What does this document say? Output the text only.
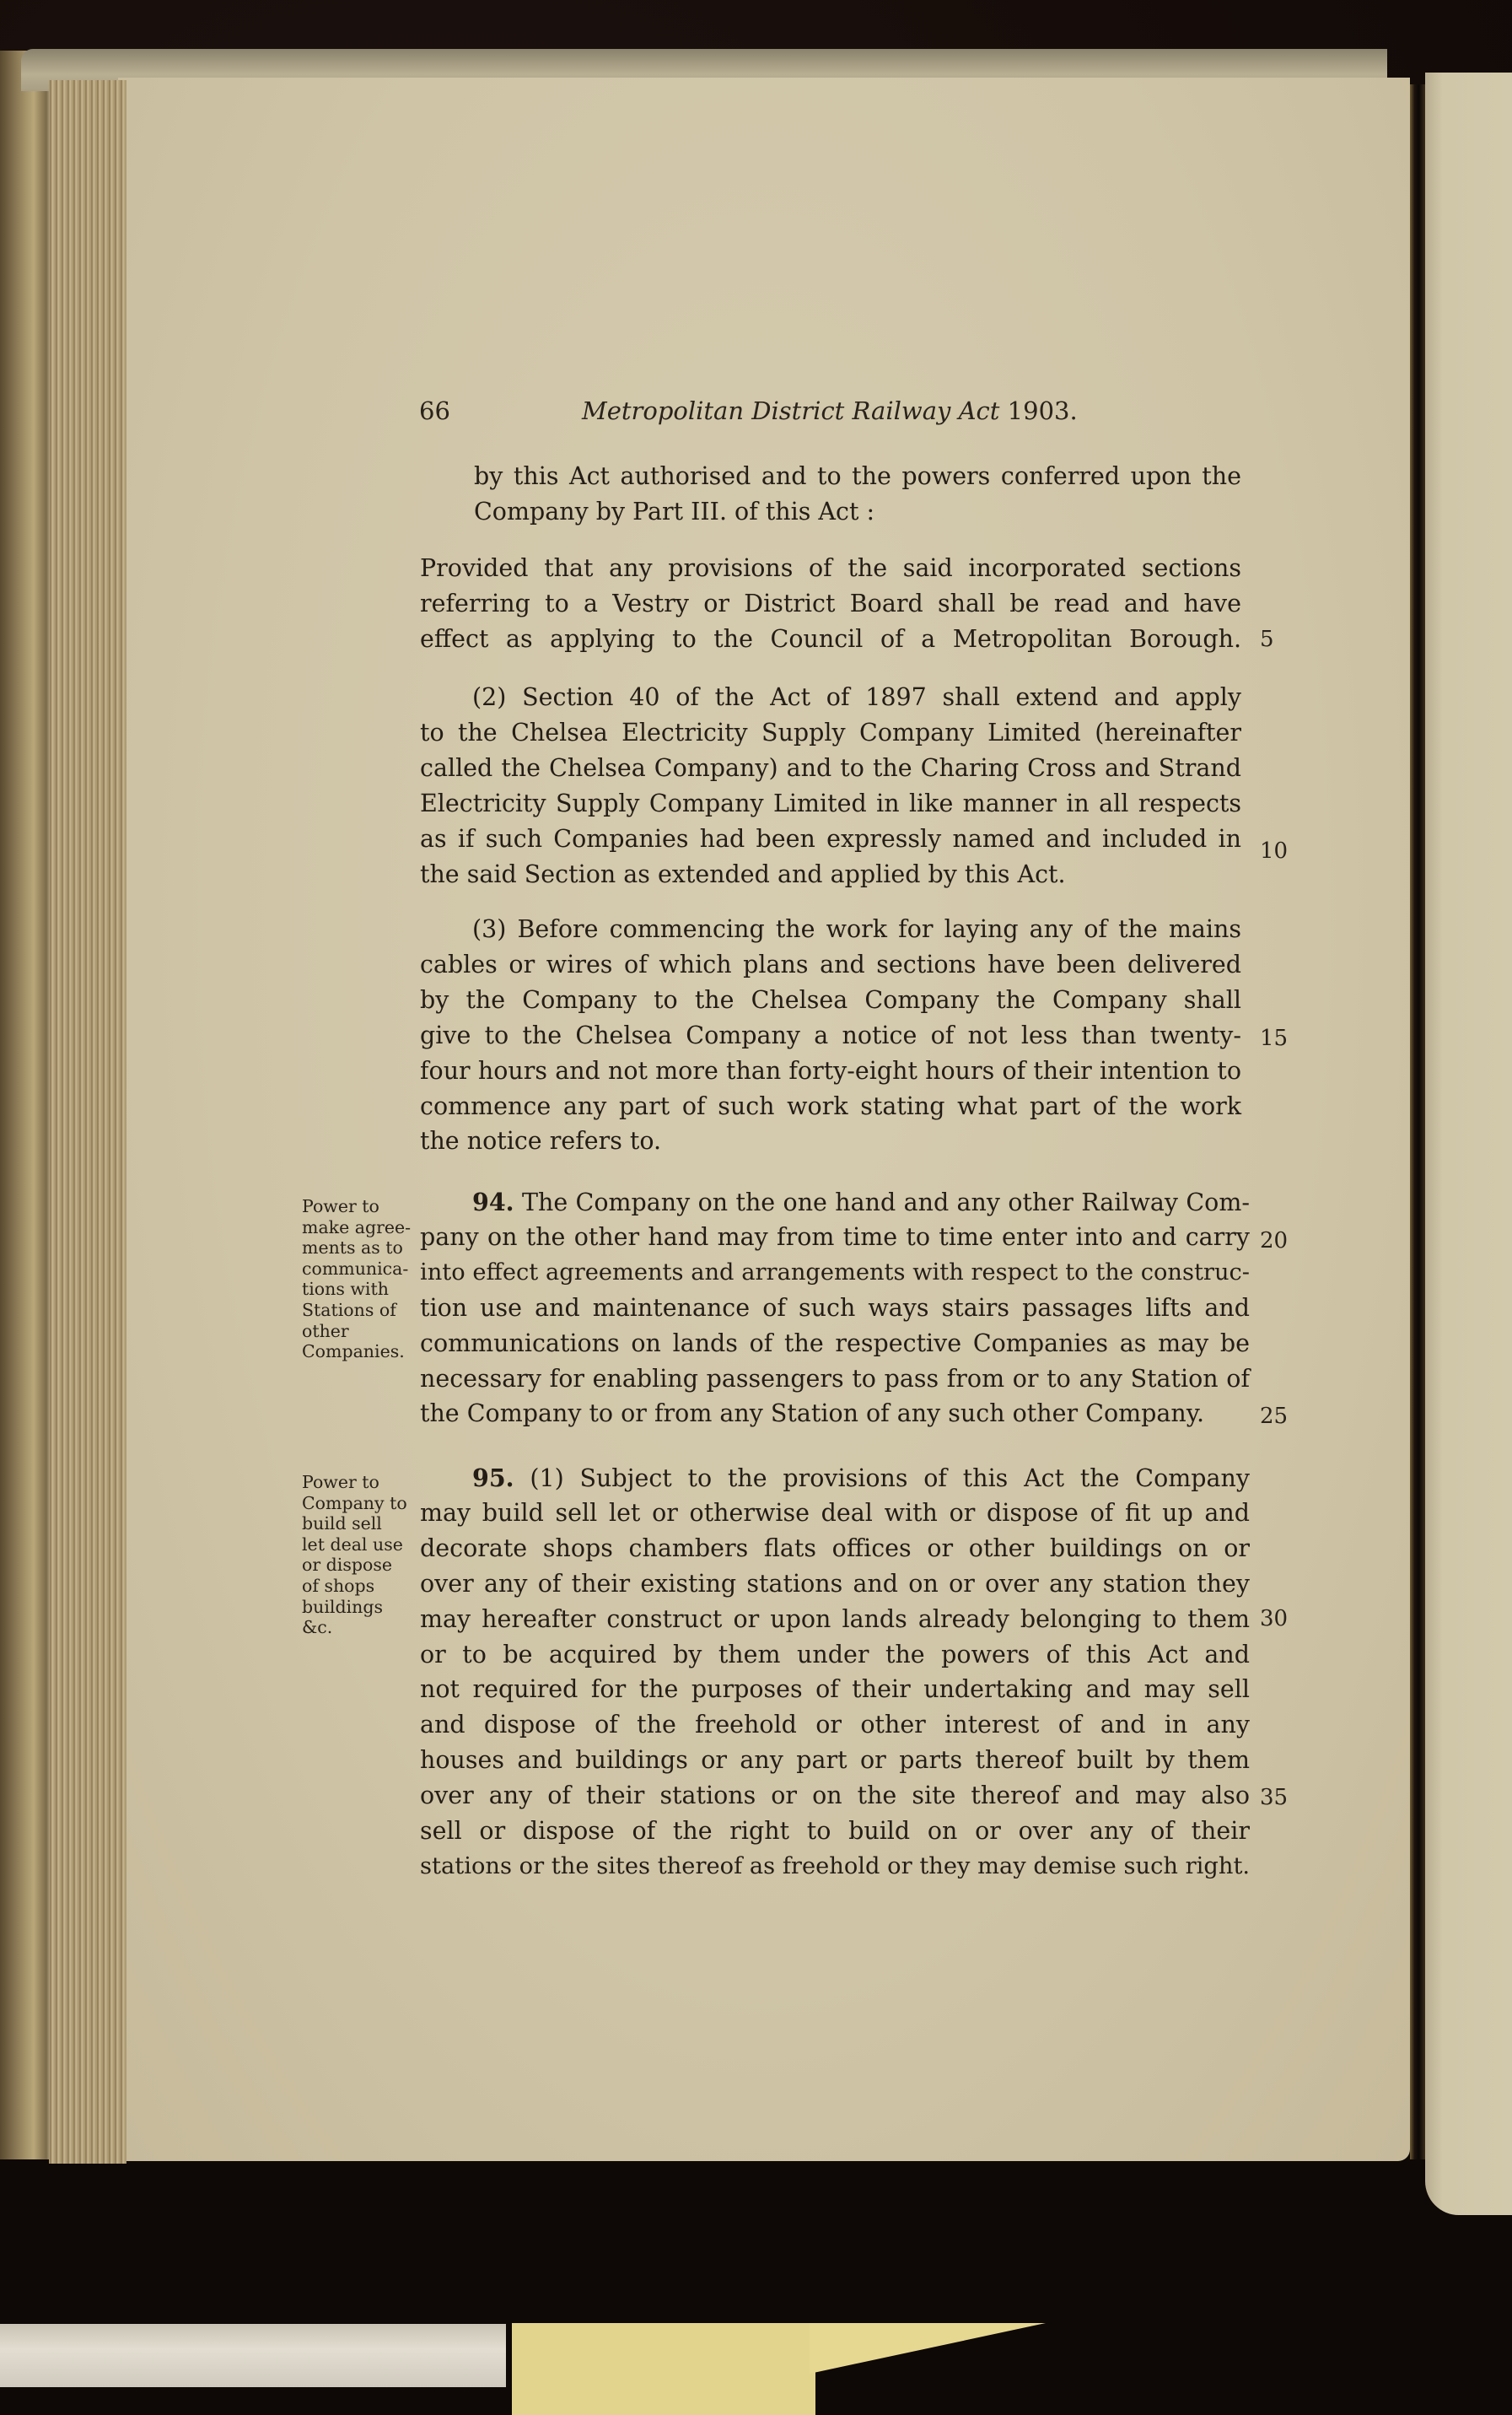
66	Metropolitan District Railway Act 1903.
by this Act authorised and to the powers conferred upon the
Company by Part III. of this Act :
Provided that any provisions of the said incorporated sections
referring to a Vestry or District Board shall be read and have
effect as applying to the Council of a Metropolitan Borough.
(2) Section 40 of the Act of 1897 shall extend and apply
to the Chelsea Electricity Supply Company Limited (hereinafter
called the Chelsea Company) and to the Charing Cross and Strand
Electricity Supply Company Limited in like manner in all respects
as if such Companies had been expressly named and included in
the said Section as extended and applied by this Act.
(3) Before commencing the work for laying any of the mains
cables or wires of which plans and sections have been delivered
by the Company to the Chelsea Company the Company shall
give to the Chelsea Company a notice of not less than twenty-
four hours and not more than forty-eight hours of their intention to
commence any part of such work stating what part of the work
the notice refers to.
94. The Company on the one hand and any other Railway Com-
pany on the other hand may from time to time enter into and carry
into effect agreements and arrangements with respect to the construc-
tion use and maintenance of such ways stairs passages lifts and
communications on lands of the respective Companies as may be
necessary for enabling passengers to pass from or to any Station of
the Company to or from any Station of any such other Company.
Power to
make agree-
ments as to
communica-
tions with
Stations of
other
Companies.
95. (1) Subject to the provisions of this Act the Company
may build sell let or otherwise deal with or dispose of fit up and
decorate shops chambers flats offices or other buildings on or
over any of their existing stations and on or over any station they
may hereafter construct or upon lands already belonging to them
or to be acquired by them under the powers of this Act and
not required for the purposes of their undertaking and may sell
and dispose of the freehold or other interest of and in any
houses and buildings or any part or parts thereof built by them
over any of their stations or on the site thereof and may also
sell or dispose of the right to build on or over any of their
stations or the sites thereof as freehold or they may demise such right.
Power to
Company to
build sell
let deal use
or dispose
of shops
buildings
&c.
5
10
15
20
25
30
35
